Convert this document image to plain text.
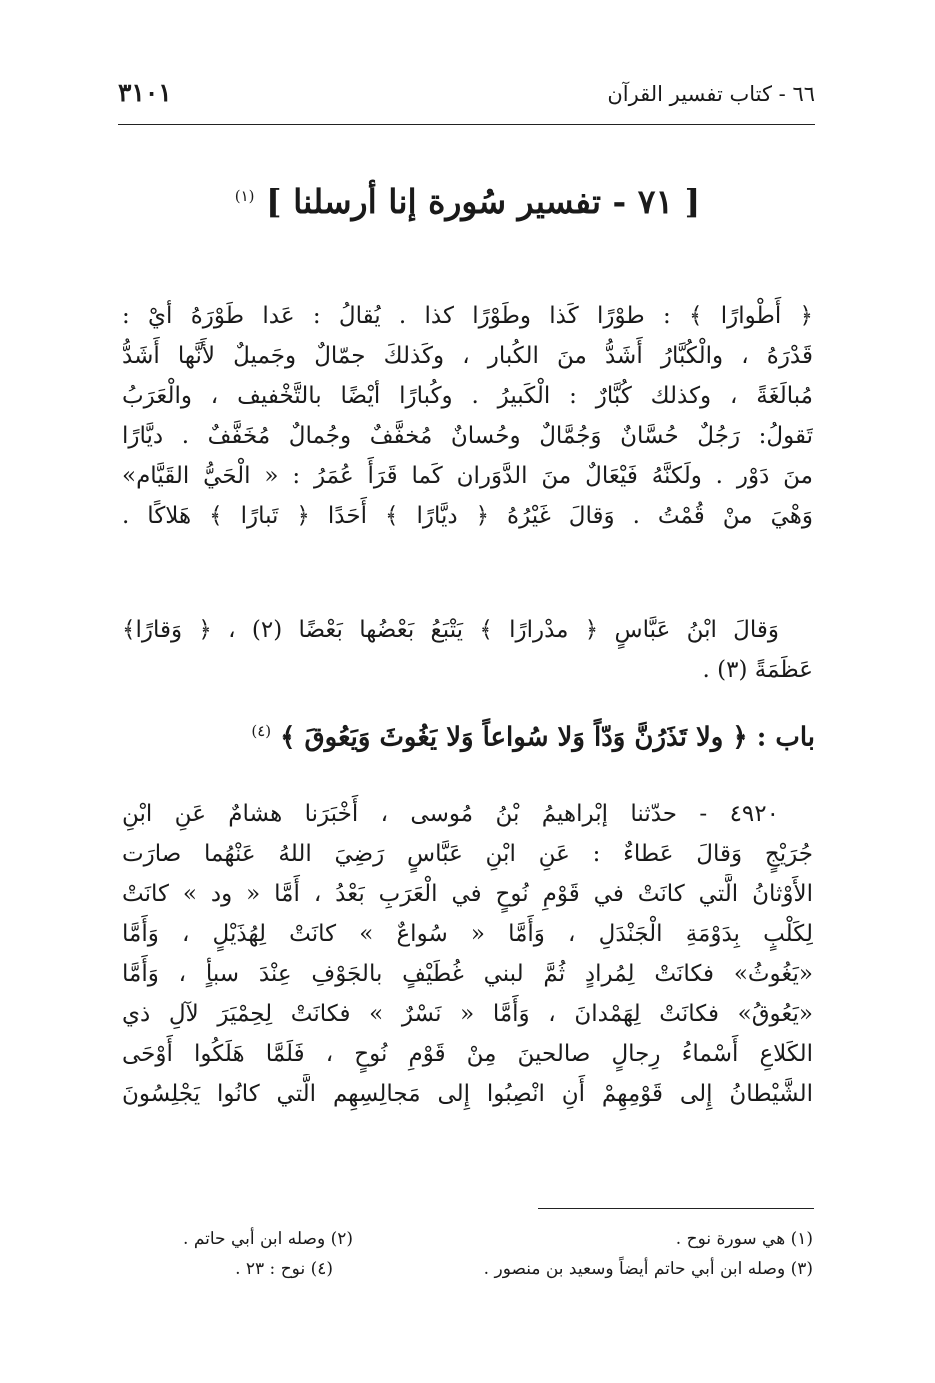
٦٦ - كتاب تفسير القرآن
٣١٠١
[ ٧١ - تفسير سُورة إنا أرسلنا ] $^{(١)}$
﴿ أَطْوارًا ﴾ : طوْرًا كَذا وطَوْرًا كذا . يُقالُ : عَدا طَوْرَهُ أيْ :
قَدْرَهُ ، والْكُبَّارُ أَشَدُّ منَ الكُبار ، وكَذلكَ جمّالٌ وجَميلٌ لأَنَّها أَشَدُّ
مُبالَغَةً ، وكذلك كُبَّارٌ : الْكَبيرُ . وكُبارًا أيْضًا بالتَّخْفيف ، والْعَرَبُ
تَقولُ: رَجُلٌ حُسَّانٌ وَجُمَّالٌ وحُسانٌ مُخفَّفٌ وجُمالٌ مُخَفَّفٌ . ديَّارًا
منَ دَوْر . ولَكنَّهُ فَيْعَالٌ منَ الدَّوَران كَما قَرَأَ عُمَرُ : « الْحَيُّ القَيَّام»
وَهْيَ منْ قُمْتُ . وَقالَ غَيْرُهُ ﴿ ديَّارًا ﴾ أَحَدًا ﴿ تَبارًا ﴾ هَلاكًا .
وَقالَ ابْنُ عَبَّاسٍ ﴿ مدْرارًا ﴾ يَتْبَعُ بَعْضُها بَعْضًا (٢) ، ﴿ وَقارًا﴾
عَظَمَةً (٣) .
باب : ﴿ ولا تَذَرُنَّ وَدّاً وَلا سُواعاً وَلا يَغُوثَ وَيَعُوقَ ﴾ $^{(٤)}$
٤٩٢٠ - حدّثنا إبْراهيمُ بْنُ مُوسى ، أَخْبَرَنا هشامٌ عَنِ ابْنِ
جُرَيْجٍ وَقالَ عَطاءٌ : عَنِ ابْنِ عَبَّاسٍ رَضِيَ اللهُ عَنْهُما صارَت
الأَوْثانُ الَّتي كانَتْ في قَوْمِ نُوحٍ في الْعَرَبِ بَعْدُ ، أَمَّا « ود » كانَتْ
لِكَلْبٍ بِدَوْمَةِ الْجَنْدَلِ ، وَأَمَّا « سُواعٌ » كانَتْ لِهُذَيْلٍ ، وَأَمَّا
«يَغُوثُ» فكانَتْ لِمُرادٍ ثُمَّ لبني غُطَيْفٍ بالجَوْفِ عِنْدَ سبأٍ ، وَأَمَّا
«يَعُوقُ» فكانَتْ لِهَمْدانَ ، وَأَمَّا « نَسْرٌ » فكانَتْ لِحِمْيَرَ لآلِ ذي
الكَلاعِ أَسْماءُ رِجالٍ صالحينَ مِنْ قَوْمِ نُوحٍ ، فَلَمَّا هَلَكُوا أَوْحَى
الشَّيْطانُ إِلى قَوْمِهِمْ أَنِ انْصِبُوا إِلى مَجالِسِهِم الَّتي كانُوا يَجْلِسُونَ
(١) هي سورة نوح .
(٢) وصله ابن أبي حاتم .
(٣) وصله ابن أبي حاتم أيضاً وسعيد بن منصور .
(٤) نوح : ٢٣ .
